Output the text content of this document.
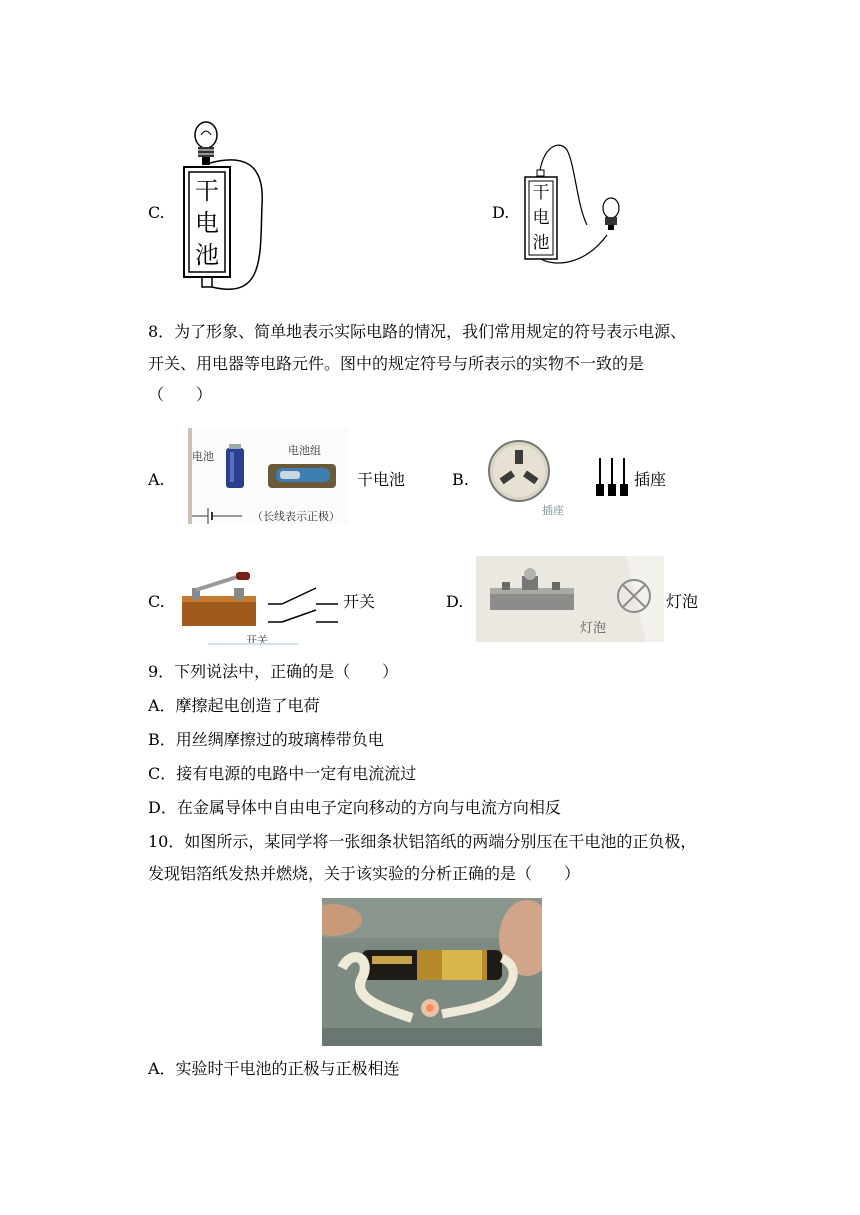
C.
干
电
池
D.
干
电
池
8．为了形象、简单地表示实际电路的情况，我们常用规定的符号表示电源、
开关、用电器等电路元件。图中的规定符号与所表示的实物不一致的是
（　　）
A.
电池	电池组
（长线表示正极）
干电池	B.
插座
插座
C.
开关
开关	D.
灯泡
灯泡
9．下列说法中，正确的是（　　）
A．摩擦起电创造了电荷
B．用丝绸摩擦过的玻璃棒带负电
C．接有电源的电路中一定有电流流过
D．在金属导体中自由电子定向移动的方向与电流方向相反
10．如图所示，某同学将一张细条状铝箔纸的两端分别压在干电池的正负极，
发现铝箔纸发热并燃烧，关于该实验的分析正确的是（　　）
A．实验时干电池的正极与正极相连
